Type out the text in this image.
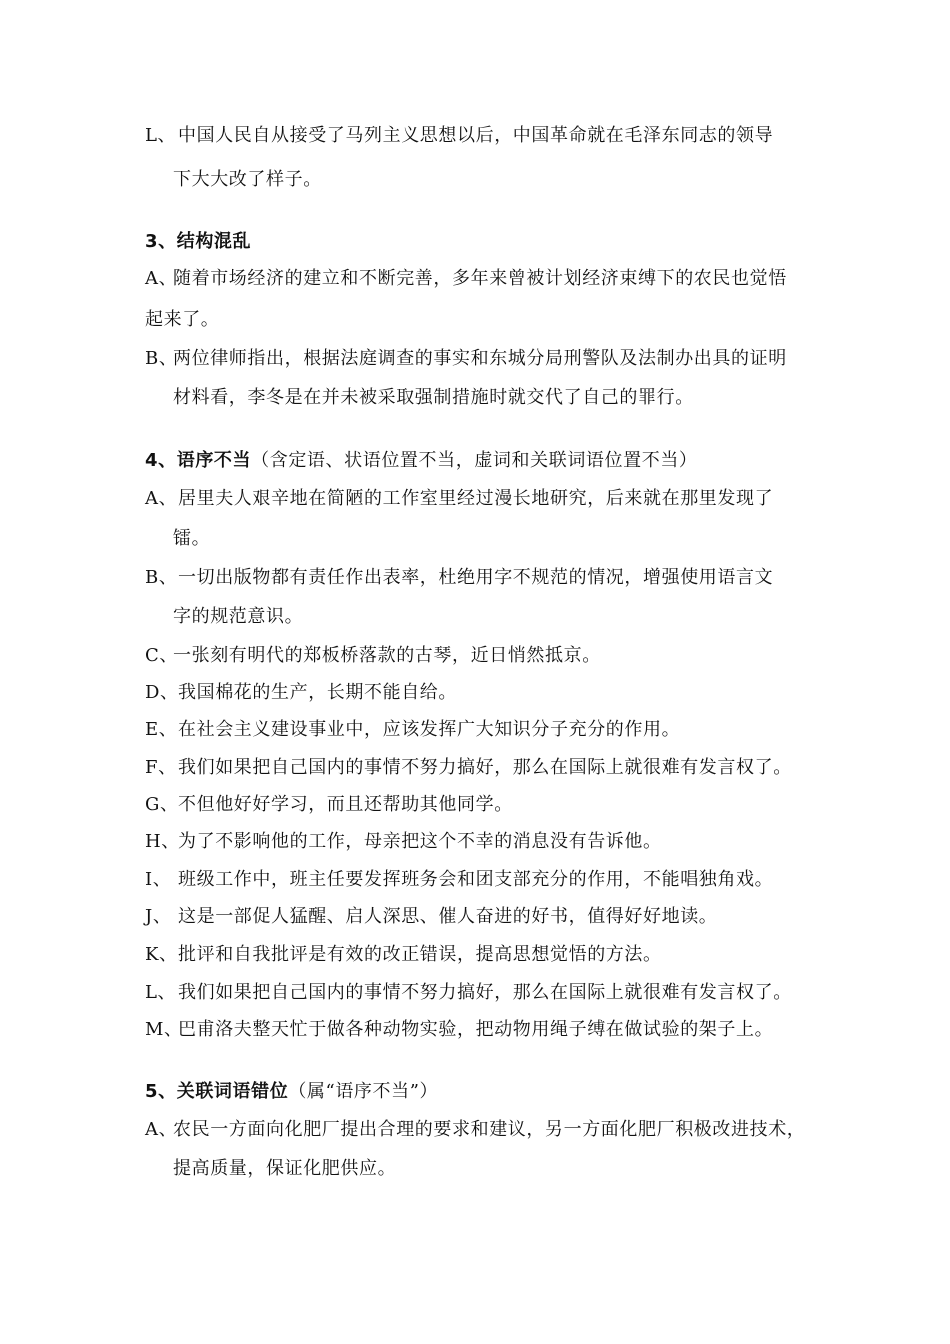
L、 中国人民自从接受了马列主义思想以后，中国革命就在毛泽东同志的领导
下大大改了样子。
3、结构混乱
A、随着市场经济的建立和不断完善，多年来曾被计划经济束缚下的农民也觉悟
起来了。
B、两位律师指出，根据法庭调查的事实和东城分局刑警队及法制办出具的证明
材料看，李冬是在并未被采取强制措施时就交代了自己的罪行。
4、语序不当（含定语、状语位置不当，虚词和关联词语位置不当）
A、居里夫人艰辛地在简陋的工作室里经过漫长地研究，后来就在那里发现了
镭。
B、一切出版物都有责任作出表率，杜绝用字不规范的情况，增强使用语言文
字的规范意识。
C、一张刻有明代的郑板桥落款的古琴，近日悄然抵京。
D、我国棉花的生产，长期不能自给。
E、在社会主义建设事业中，应该发挥广大知识分子充分的作用。
F、我们如果把自己国内的事情不努力搞好，那么在国际上就很难有发言权了。
G、不但他好好学习，而且还帮助其他同学。
H、为了不影响他的工作，母亲把这个不幸的消息没有告诉他。
I、 班级工作中，班主任要发挥班务会和团支部充分的作用，不能唱独角戏。
J、 这是一部促人猛醒、启人深思、催人奋进的好书，值得好好地读。
K、批评和自我批评是有效的改正错误，提高思想觉悟的方法。
L、 我们如果把自己国内的事情不努力搞好，那么在国际上就很难有发言权了。
M、巴甫洛夫整天忙于做各种动物实验，把动物用绳子缚在做试验的架子上。
5、关联词语错位（属“语序不当”）
A、农民一方面向化肥厂提出合理的要求和建议，另一方面化肥厂积极改进技术，
提高质量，保证化肥供应。
